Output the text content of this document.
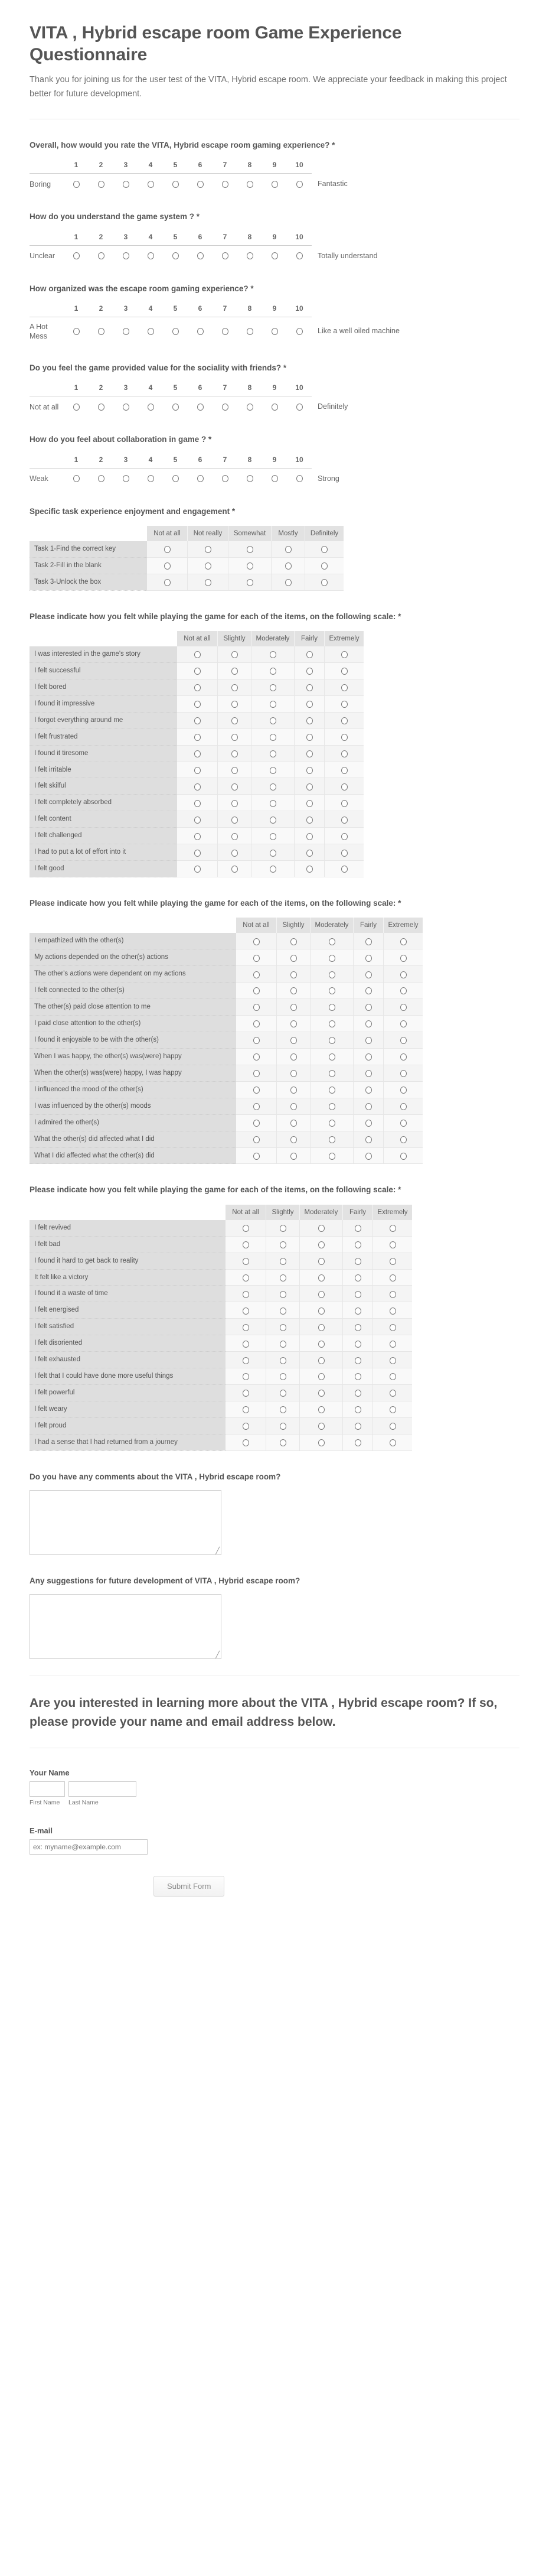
VITA , Hybrid escape room Game Experience Questionnaire

Thank you for joining us for the user test of the VITA, Hybrid escape room. We appreciate your feedback in making this project better for future development.

Overall, how would you rate the VITA, Hybrid escape room gaming experience? *

	1	2	3	4	5	6	7	8	9	10	

Boring											Fantastic

How do you understand the game system ? *

	1	2	3	4	5	6	7	8	9	10	

Unclear											Totally understand

How organized was the escape room gaming experience? *

	1	2	3	4	5	6	7	8	9	10	

A Hot Mess											Like a well oiled machine

Do you feel the game provided value for the sociality with friends? *

	1	2	3	4	5	6	7	8	9	10	

Not at all											Definitely

How do you feel about collaboration in game ? *

	1	2	3	4	5	6	7	8	9	10	

Weak											Strong

Specific task experience enjoyment and engagement *

	Not at all	Not really	Somewhat	Mostly	Definitely
Task 1-Find the correct key					
Task 2-Fill in the blank					
Task 3-Unlock the box					

Please indicate how you felt while playing the game for each of the items, on the following scale: *

	Not at all	Slightly	Moderately	Fairly	Extremely
I was interested in the game's story					
I felt successful					
I felt bored					
I found it impressive					
I forgot everything around me					
I felt frustrated					
I found it tiresome					
I felt irritable					
I felt skilful					
I felt completely absorbed					
I felt content					
I felt challenged					
I had to put a lot of effort into it					
I felt good					

Please indicate how you felt while playing the game for each of the items, on the following scale: *

	Not at all	Slightly	Moderately	Fairly	Extremely
I empathized with the other(s)					
My actions depended on the other(s) actions					
The other's actions were dependent on my actions					
I felt connected to the other(s)					
The other(s) paid close attention to me					
I paid close attention to the other(s)					
I found it enjoyable to be with the other(s)					
When I was happy, the other(s) was(were) happy					
When the other(s) was(were) happy, I was happy					
I influenced the mood of the other(s)					
I was influenced by the other(s) moods					
I admired the other(s)					
What the other(s) did affected what I did					
What I did affected what the other(s) did					

Please indicate how you felt while playing the game for each of the items, on the following scale: *

	Not at all	Slightly	Moderately	Fairly	Extremely
I felt revived					
I felt bad					
I found it hard to get back to reality					
It felt like a victory					
I found it a waste of time					
I felt energised					
I felt satisfied					
I felt disoriented					
I felt exhausted					
I felt that I could have done more useful things					
I felt powerful					
I felt weary					
I felt proud					
I had a sense that I had returned from a journey					

Do you have any comments about the VITA , Hybrid escape room?

╱

Any suggestions for future development of VITA , Hybrid escape room?

╱
Are you interested in learning more about the VITA , Hybrid escape room? If so, please provide your name and email address below.

Your Name

First Name	Last Name

E-mail

ex: myname@example.com
Submit Form
